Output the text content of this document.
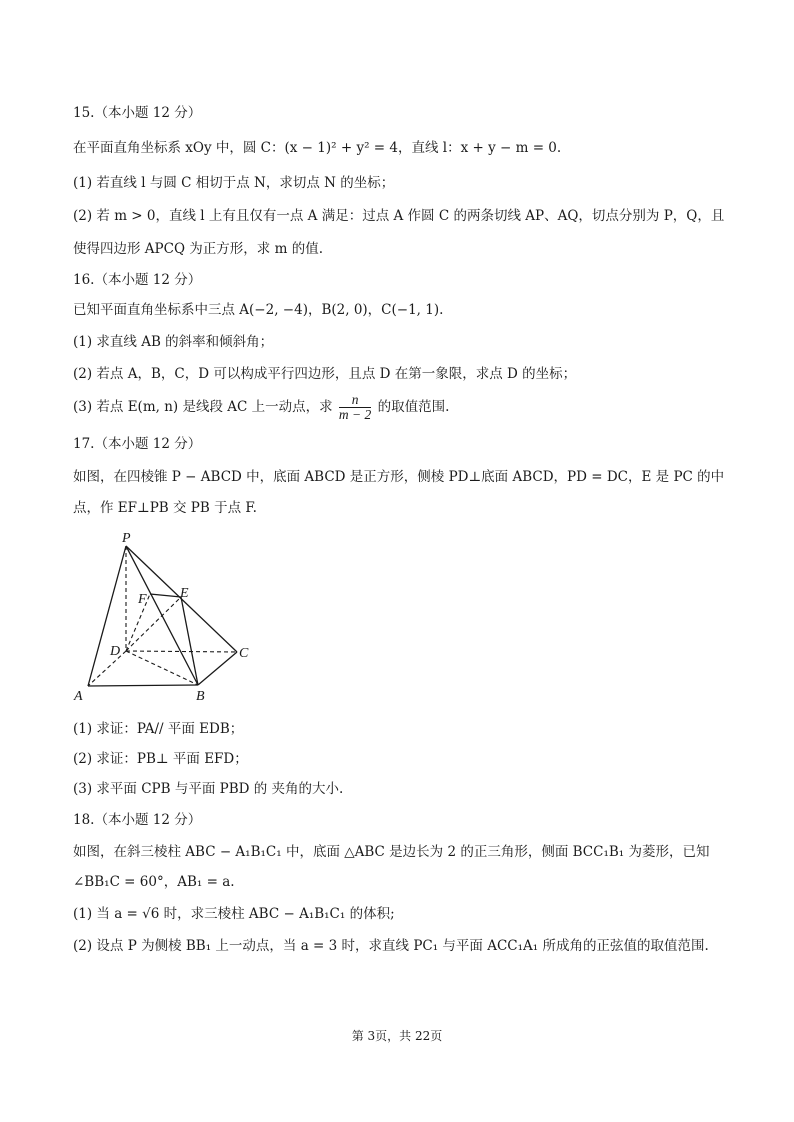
15.（本小题 12 分）
在平面直角坐标系 xOy 中，圆 C：(x − 1)² + y² = 4，直线 l：x + y − m = 0.
(1) 若直线 l 与圆 C 相切于点 N，求切点 N 的坐标；
(2) 若 m > 0，直线 l 上有且仅有一点 A 满足：过点 A 作圆 C 的两条切线 AP、AQ，切点分别为 P，Q，且
使得四边形 APCQ 为正方形，求 m 的值.
16.（本小题 12 分）
已知平面直角坐标系中三点 A(−2, −4)，B(2, 0)，C(−1, 1).
(1) 求直线 AB 的斜率和倾斜角；
(2) 若点 A，B，C，D 可以构成平行四边形，且点 D 在第一象限，求点 D 的坐标；
(3) 若点 E(m, n) 是线段 AC 上一动点，求 $\frac{n}{m - 2}$ 的取值范围.
17.（本小题 12 分）
如图，在四棱锥 P − ABCD 中，底面 ABCD 是正方形，侧棱 PD⊥底面 ABCD，PD = DC，E 是 PC 的中
点，作 EF⊥PB 交 PB 于点 F.
P
F E
D	C
A	B
(1) 求证：PA// 平面 EDB；
(2) 求证：PB⊥ 平面 EFD；
(3) 求平面 CPB 与平面 PBD 的 夹角的大小.
18.（本小题 12 分）
如图，在斜三棱柱 ABC − A₁B₁C₁ 中，底面 △ABC 是边长为 2 的正三角形，侧面 BCC₁B₁ 为菱形，已知
∠BB₁C = 60°，AB₁ = a.
(1) 当 a = √6 时，求三棱柱 ABC − A₁B₁C₁ 的体积;
(2) 设点 P 为侧棱 BB₁ 上一动点，当 a = 3 时，求直线 PC₁ 与平面 ACC₁A₁ 所成角的正弦值的取值范围.
第 3页，共 22页
